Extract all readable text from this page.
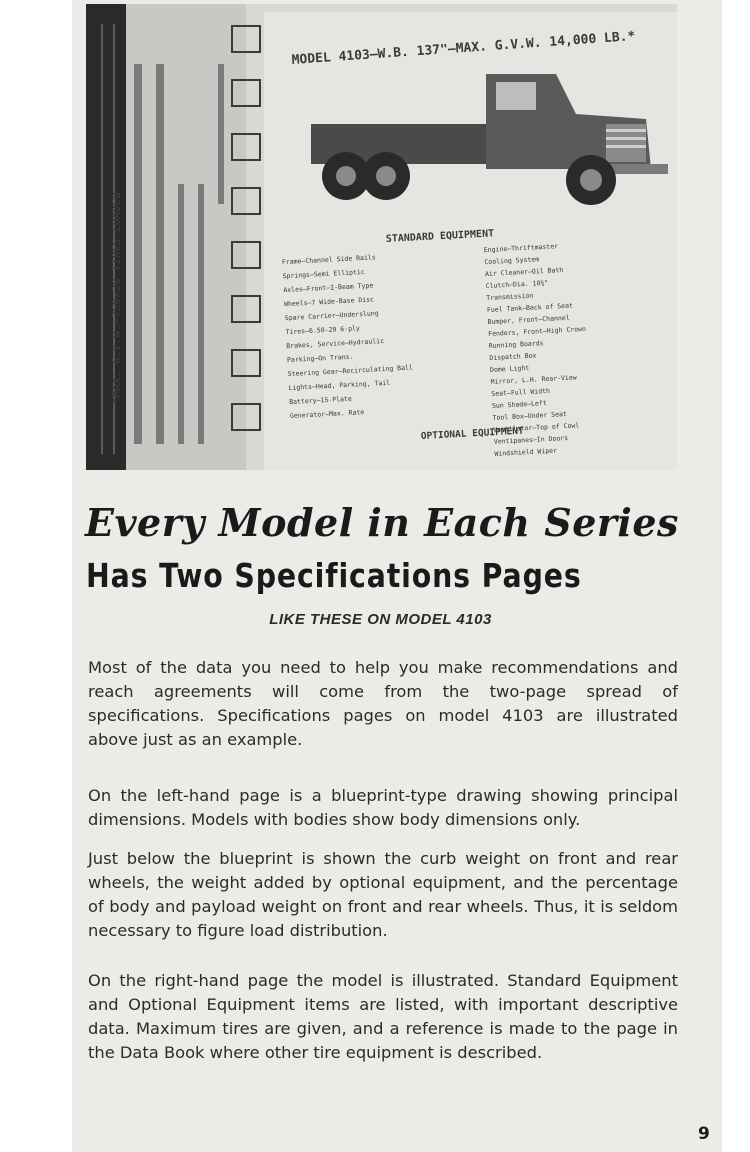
*MAX. G.V.W.—750×20 TIRES LOADED
MODEL 4103—W.B. 137"—MAX. G.V.W. 14,000 LB.*
STANDARD EQUIPMENT
Frame—Channel Side Rails
Springs—Semi Elliptic
Axles—Front—I-Beam Type
Wheels—7 Wide-Base Disc
Spare Carrier—Underslung
Tires—6.50-20 6-ply
Brakes, Service—Hydraulic
Parking—On Trans.
Steering Gear—Recirculating Ball
Lights—Head, Parking, Tail
Battery—15-Plate
Generator—Max. Rate
Engine—Thriftmaster
Cooling System
Air Cleaner—Oil Bath
Clutch—Dia. 10¾"
Transmission
Fuel Tank—Back of Seat
Bumper, Front—Channel
Fenders, Front—High Crown
Running Boards
Dispatch Box
Dome Light
Mirror, L.H. Rear-View
Seat—Full Width
Sun Shade—Left
Tool Box—Under Seat
Ventilator—Top of Cowl
Ventipanes—In Doors
Windshield Wiper
OPTIONAL EQUIPMENT
Every Model in Each Series
Has Two Specifications Pages
LIKE THESE ON MODEL 4103

Most of the data you need to help you make recommendations and reach agreements will come from the two-page spread of specifications. Specifications pages on model 4103 are illustrated above just as an example.

On the left-hand page is a blueprint-type drawing showing principal dimensions. Models with bodies show body dimensions only.

Just below the blueprint is shown the curb weight on front and rear wheels, the weight added by optional equipment, and the percentage of body and payload weight on front and rear wheels. Thus, it is seldom necessary to figure load distribution.

On the right-hand page the model is illustrated. Standard Equipment and Optional Equipment items are listed, with important descriptive data. Maximum tires are given, and a reference is made to the page in the Data Book where other tire equipment is described.

9
